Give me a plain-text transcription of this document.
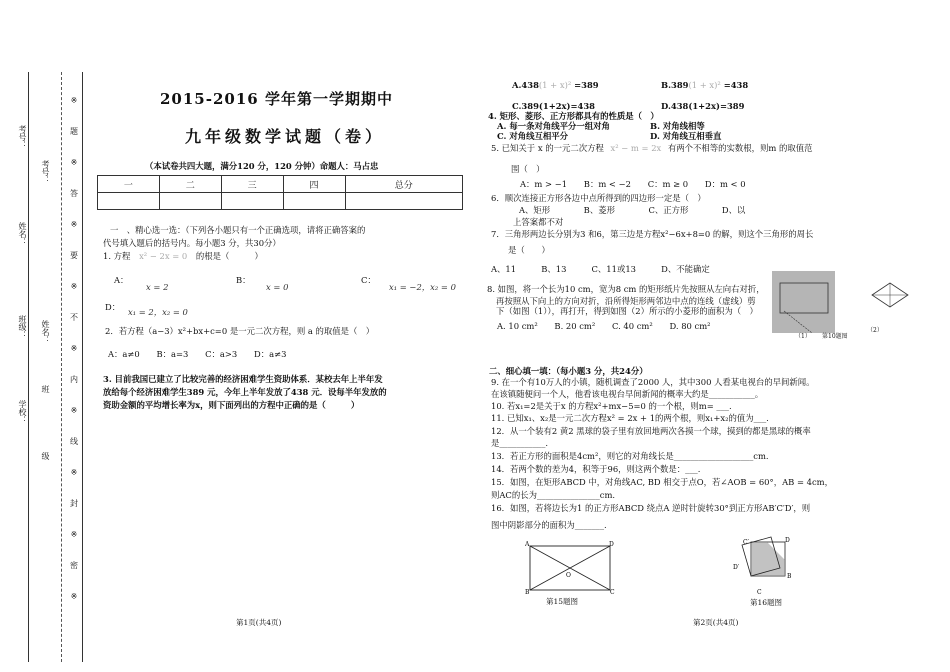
考号：
姓名：
班级：
学校：
考号：
姓名：
班
级
※
题
※
答
※
要
※
不
※
内
※
线
※
封
※
密
※
2015-2016 学年第一学期期中
九年级数学试题（卷）
（本试卷共四大题，满分120 分，120 分钟）命题人：马占忠
一	二	三	四	总分

一　、精心选一选：（下列各小题只有一个正确选项，请将正确答案的
代号填入题后的括号内。每小题3 分，共30分）
1. 方程 x² − 2x = 0 的根是（　　　）
A：
x = 2
B：
x = 0
C：
x₁ = −2，x₂ = 0
D： x₁ = 2，x₂ = 0
2．若方程（a−3）x²+bx+c=0 是一元二次方程，则 a 的取值是（　）
A：a≠0　　B：a=3　　C：a>3　　D：a≠3
3. 目前我国已建立了比较完善的经济困难学生资助体系．某校去年上半年发
放给每个经济困难学生389 元，今年上半年发放了438 元．设每半年发放的
资助金额的平均增长率为x，则下面列出的方程中正确的是（　　　）
第1页(共4页)
A.438(1 + x)² =389	B.389(1 + x)² =438
C.389(1+2x)=438	D.438(1+2x)=389
4. 矩形、菱形、正方形都具有的性质是（　）
A. 每一条对角线平分一组对角	B. 对角线相等
C. 对角线互相平分	D. 对角线互相垂直
5. 已知关于 x 的一元二次方程 x² − m = 2x 有两个不相等的实数根，则m 的取值范
围（　）
A：m > −1　　B：m < −2　　C：m ≥ 0　　D：m < 0
6．顺次连接正方形各边中点所得到的四边形一定是（　）
A、矩形　　　　B、菱形　　　　C、正方形　　　　D、以
上答案都不对
7．三角形两边长分别为3 和6，第三边是方程x²−6x+8=0 的解，则这个三角形的周长
是（　　）
A、11　　　B、13　　　C、11或13　　　D、不能确定
8. 如图，将一个长为10 cm，宽为8 cm 的矩形纸片先按照从左向右对折，
再按照从下向上的方向对折，沿所得矩形两邻边中点的连线（虚线）剪
下（如图（1）），再打开，得到如图（2）所示的小菱形的面积为（　）
A. 10 cm²　　B. 20 cm²　　C. 40 cm²　　D. 80 cm²
（1） 第10题图
（2）
二、细心填一填：（每小题3 分，共24分）
9. 在一个有10万人的小镇，随机调查了2000 人，其中300 人看某电视台的早间新闻。
在该镇随便问一个人，他看该电视台早间新闻的概率大约是___________。
10. 若x₁=2是关于x 的方程x²+mx−5=0 的一个根，则m= ___.
11. 已知x₁、x₂是一元二次方程x² = 2x + 1的两个根，则x₁+x₂的值为___.
12．从一个装有2 黄2 黑球的袋子里有放回地两次各摸一个球，摸到的都是黑球的概率
是___________.
13．若正方形的面积是4cm²，则它的对角线长是___________________cm.
14．若两个数的差为4，积等于96，则这两个数是：___.
15．如图，在矩形ABCD 中，对角线AC, BD 相交于点O，若∠AOB = 60°，AB = 4cm，
则AC的长为_______________cm.
16．如图，若将边长为1 的正方形ABCD 绕点A 逆时针旋转30°到正方形AB′C′D′，则
图中阴影部分的面积为_______.
A	D
B	C
O
第15题图
C′	D
B
D′
C
第16题图
第2页(共4页)
